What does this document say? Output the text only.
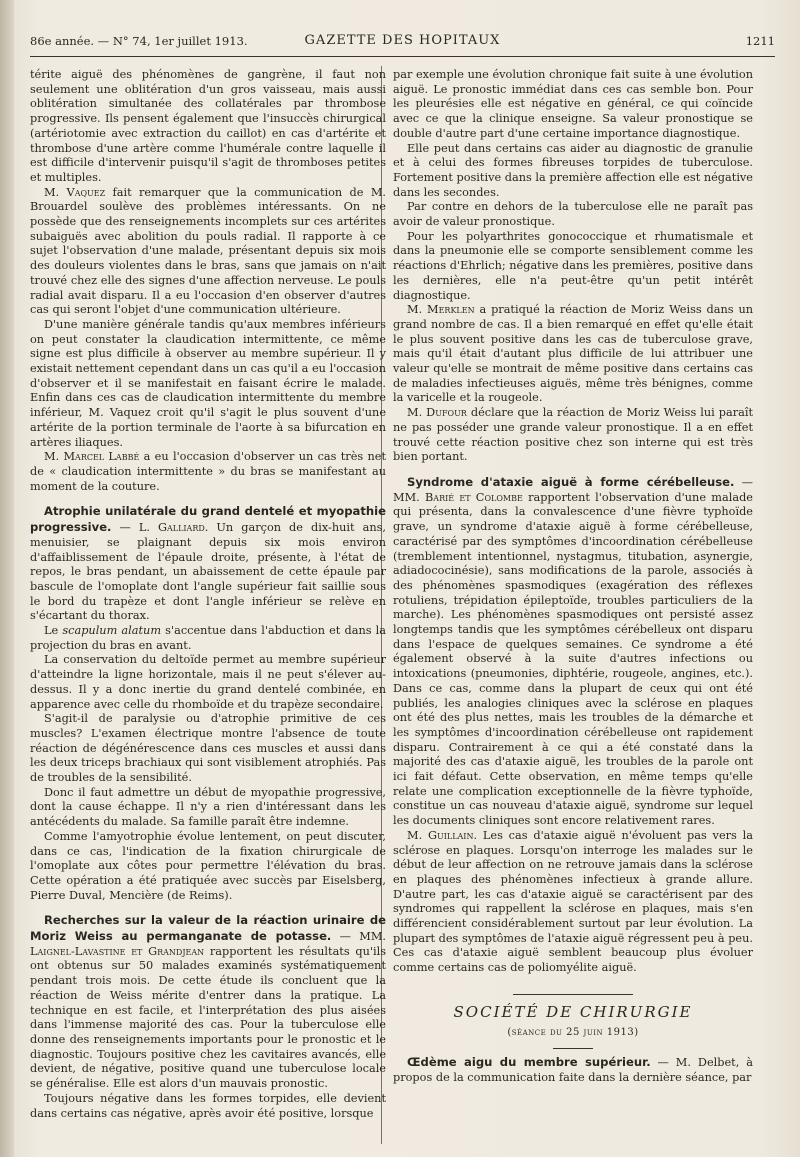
86e année. — N° 74, 1er juillet 1913.	GAZETTE DES HOPITAUX	1211

térite aiguë des phénomènes de gangrène, il faut non seulement une oblitération d'un gros vaisseau, mais aussi oblitération simultanée des collatérales par thrombose progressive. Ils pensent également que l'insuccès chirurgical (artériotomie avec extraction du caillot) en cas d'artérite et thrombose d'une artère comme l'humérale contre laquelle il est difficile d'intervenir puisqu'il s'agit de thromboses petites et multiples.

M. Vaquez fait remarquer que la communication de M. Brouardel soulève des problèmes intéressants. On ne possède que des renseignements incomplets sur ces artérites subaiguës avec abolition du pouls radial. Il rapporte à ce sujet l'observation d'une malade, présentant depuis six mois des douleurs violentes dans le bras, sans que jamais on n'ait trouvé chez elle des signes d'une affection nerveuse. Le pouls radial avait disparu. Il a eu l'occasion d'en observer d'autres cas qui seront l'objet d'une communication ultérieure.

D'une manière générale tandis qu'aux membres inférieurs on peut constater la claudication intermittente, ce même signe est plus difficile à observer au membre supérieur. Il y existait nettement cependant dans un cas qu'il a eu l'occasion d'observer et il se manifestait en faisant écrire le malade. Enfin dans ces cas de claudication intermittente du membre inférieur, M. Vaquez croit qu'il s'agit le plus souvent d'une artérite de la portion terminale de l'aorte à sa bifurcation en artères iliaques.

M. Marcel Labbé a eu l'occasion d'observer un cas très net de « claudication intermittente » du bras se manifestant au moment de la couture.

Atrophie unilatérale du grand dentelé et myopathie progressive. — L. Galliard. Un garçon de dix-huit ans, menuisier, se plaignant depuis six mois environ d'affaiblissement de l'épaule droite, présente, à l'état de repos, le bras pendant, un abaissement de cette épaule par bascule de l'omoplate dont l'angle supérieur fait saillie sous le bord du trapèze et dont l'angle inférieur se relève en s'écartant du thorax.

Le scapulum alatum s'accentue dans l'abduction et dans la projection du bras en avant.

La conservation du deltoïde permet au membre supérieur d'atteindre la ligne horizontale, mais il ne peut s'élever au-dessus. Il y a donc inertie du grand dentelé combinée, en apparence avec celle du rhomboïde et du trapèze secondaire.

S'agit-il de paralysie ou d'atrophie primitive de ces muscles? L'examen électrique montre l'absence de toute réaction de dégénérescence dans ces muscles et aussi dans les deux triceps brachiaux qui sont visiblement atrophiés. Pas de troubles de la sensibilité.

Donc il faut admettre un début de myopathie progressive, dont la cause échappe. Il n'y a rien d'intéressant dans les antécédents du malade. Sa famille paraît être indemne.

Comme l'amyotrophie évolue lentement, on peut discuter, dans ce cas, l'indication de la fixation chirurgicale de l'omoplate aux côtes pour permettre l'élévation du bras. Cette opération a été pratiquée avec succès par Eiselsberg, Pierre Duval, Mencière (de Reims).

Recherches sur la valeur de la réaction urinaire de Moriz Weiss au permanganate de potasse. — MM. Laignel-Lavastine et Grandjean rapportent les résultats qu'ils ont obtenus sur 50 malades examinés systématiquement pendant trois mois. De cette étude ils concluent que la réaction de Weiss mérite d'entrer dans la pratique. La technique en est facile, et l'interprétation des plus aisées dans l'immense majorité des cas. Pour la tuberculose elle donne des renseignements importants pour le pronostic et le diagnostic. Toujours positive chez les cavitaires avancés, elle devient, de négative, positive quand une tuberculose locale se généralise. Elle est alors d'un mauvais pronostic.

Toujours négative dans les formes torpides, elle devient dans certains cas négative, après avoir été positive, lorsque

par exemple une évolution chronique fait suite à une évolution aiguë. Le pronostic immédiat dans ces cas semble bon. Pour les pleurésies elle est négative en général, ce qui coïncide avec ce que la clinique enseigne. Sa valeur pronostique se double d'autre part d'une certaine importance diagnostique.

Elle peut dans certains cas aider au diagnostic de granulie et à celui des formes fibreuses torpides de tuberculose. Fortement positive dans la première affection elle est négative dans les secondes.

Par contre en dehors de la tuberculose elle ne paraît pas avoir de valeur pronostique.

Pour les polyarthrites gonococcique et rhumatismale et dans la pneumonie elle se comporte sensiblement comme les réactions d'Ehrlich; négative dans les premières, positive dans les dernières, elle n'a peut-être qu'un petit intérêt diagnostique.

M. Merklen a pratiqué la réaction de Moriz Weiss dans un grand nombre de cas. Il a bien remarqué en effet qu'elle était le plus souvent positive dans les cas de tuberculose grave, mais qu'il était d'autant plus difficile de lui attribuer une valeur qu'elle se montrait de même positive dans certains cas de maladies infectieuses aiguës, même très bénignes, comme la varicelle et la rougeole.

M. Dufour déclare que la réaction de Moriz Weiss lui paraît ne pas posséder une grande valeur pronostique. Il a en effet trouvé cette réaction positive chez son interne qui est très bien portant.

Syndrome d'ataxie aiguë à forme cérébelleuse. — MM. Barié et Colombe rapportent l'observation d'une malade qui présenta, dans la convalescence d'une fièvre typhoïde grave, un syndrome d'ataxie aiguë à forme cérébelleuse, caractérisé par des symptômes d'incoordination cérébelleuse (tremblement intentionnel, nystagmus, titubation, asynergie, adiadococinésie), sans modifications de la parole, associés à des phénomènes spasmodiques (exagération des réflexes rotuliens, trépidation épileptoïde, troubles particuliers de la marche). Les phénomènes spasmodiques ont persisté assez longtemps tandis que les symptômes cérébelleux ont disparu dans l'espace de quelques semaines. Ce syndrome a été également observé à la suite d'autres infections ou intoxications (pneumonies, diphtérie, rougeole, angines, etc.). Dans ce cas, comme dans la plupart de ceux qui ont été publiés, les analogies cliniques avec la sclérose en plaques ont été des plus nettes, mais les troubles de la démarche et les symptômes d'incoordination cérébelleuse ont rapidement disparu. Contrairement à ce qui a été constaté dans la majorité des cas d'ataxie aiguë, les troubles de la parole ont ici fait défaut. Cette observation, en même temps qu'elle relate une complication exceptionnelle de la fièvre typhoïde, constitue un cas nouveau d'ataxie aiguë, syndrome sur lequel les documents cliniques sont encore relativement rares.

M. Guillain. Les cas d'ataxie aiguë n'évoluent pas vers la sclérose en plaques. Lorsqu'on interroge les malades sur le début de leur affection on ne retrouve jamais dans la sclérose en plaques des phénomènes infectieux à grande allure. D'autre part, les cas d'ataxie aiguë se caractérisent par des syndromes qui rappellent la sclérose en plaques, mais s'en différencient considérablement surtout par leur évolution. La plupart des symptômes de l'ataxie aiguë régressent peu à peu. Ces cas d'ataxie aiguë semblent beaucoup plus évoluer comme certains cas de poliomyélite aiguë.

SOCIÉTÉ DE CHIRURGIE
(séance du 25 juin 1913)

Œdème aigu du membre supérieur. — M. Delbet, à propos de la communication faite dans la dernière séance, par
